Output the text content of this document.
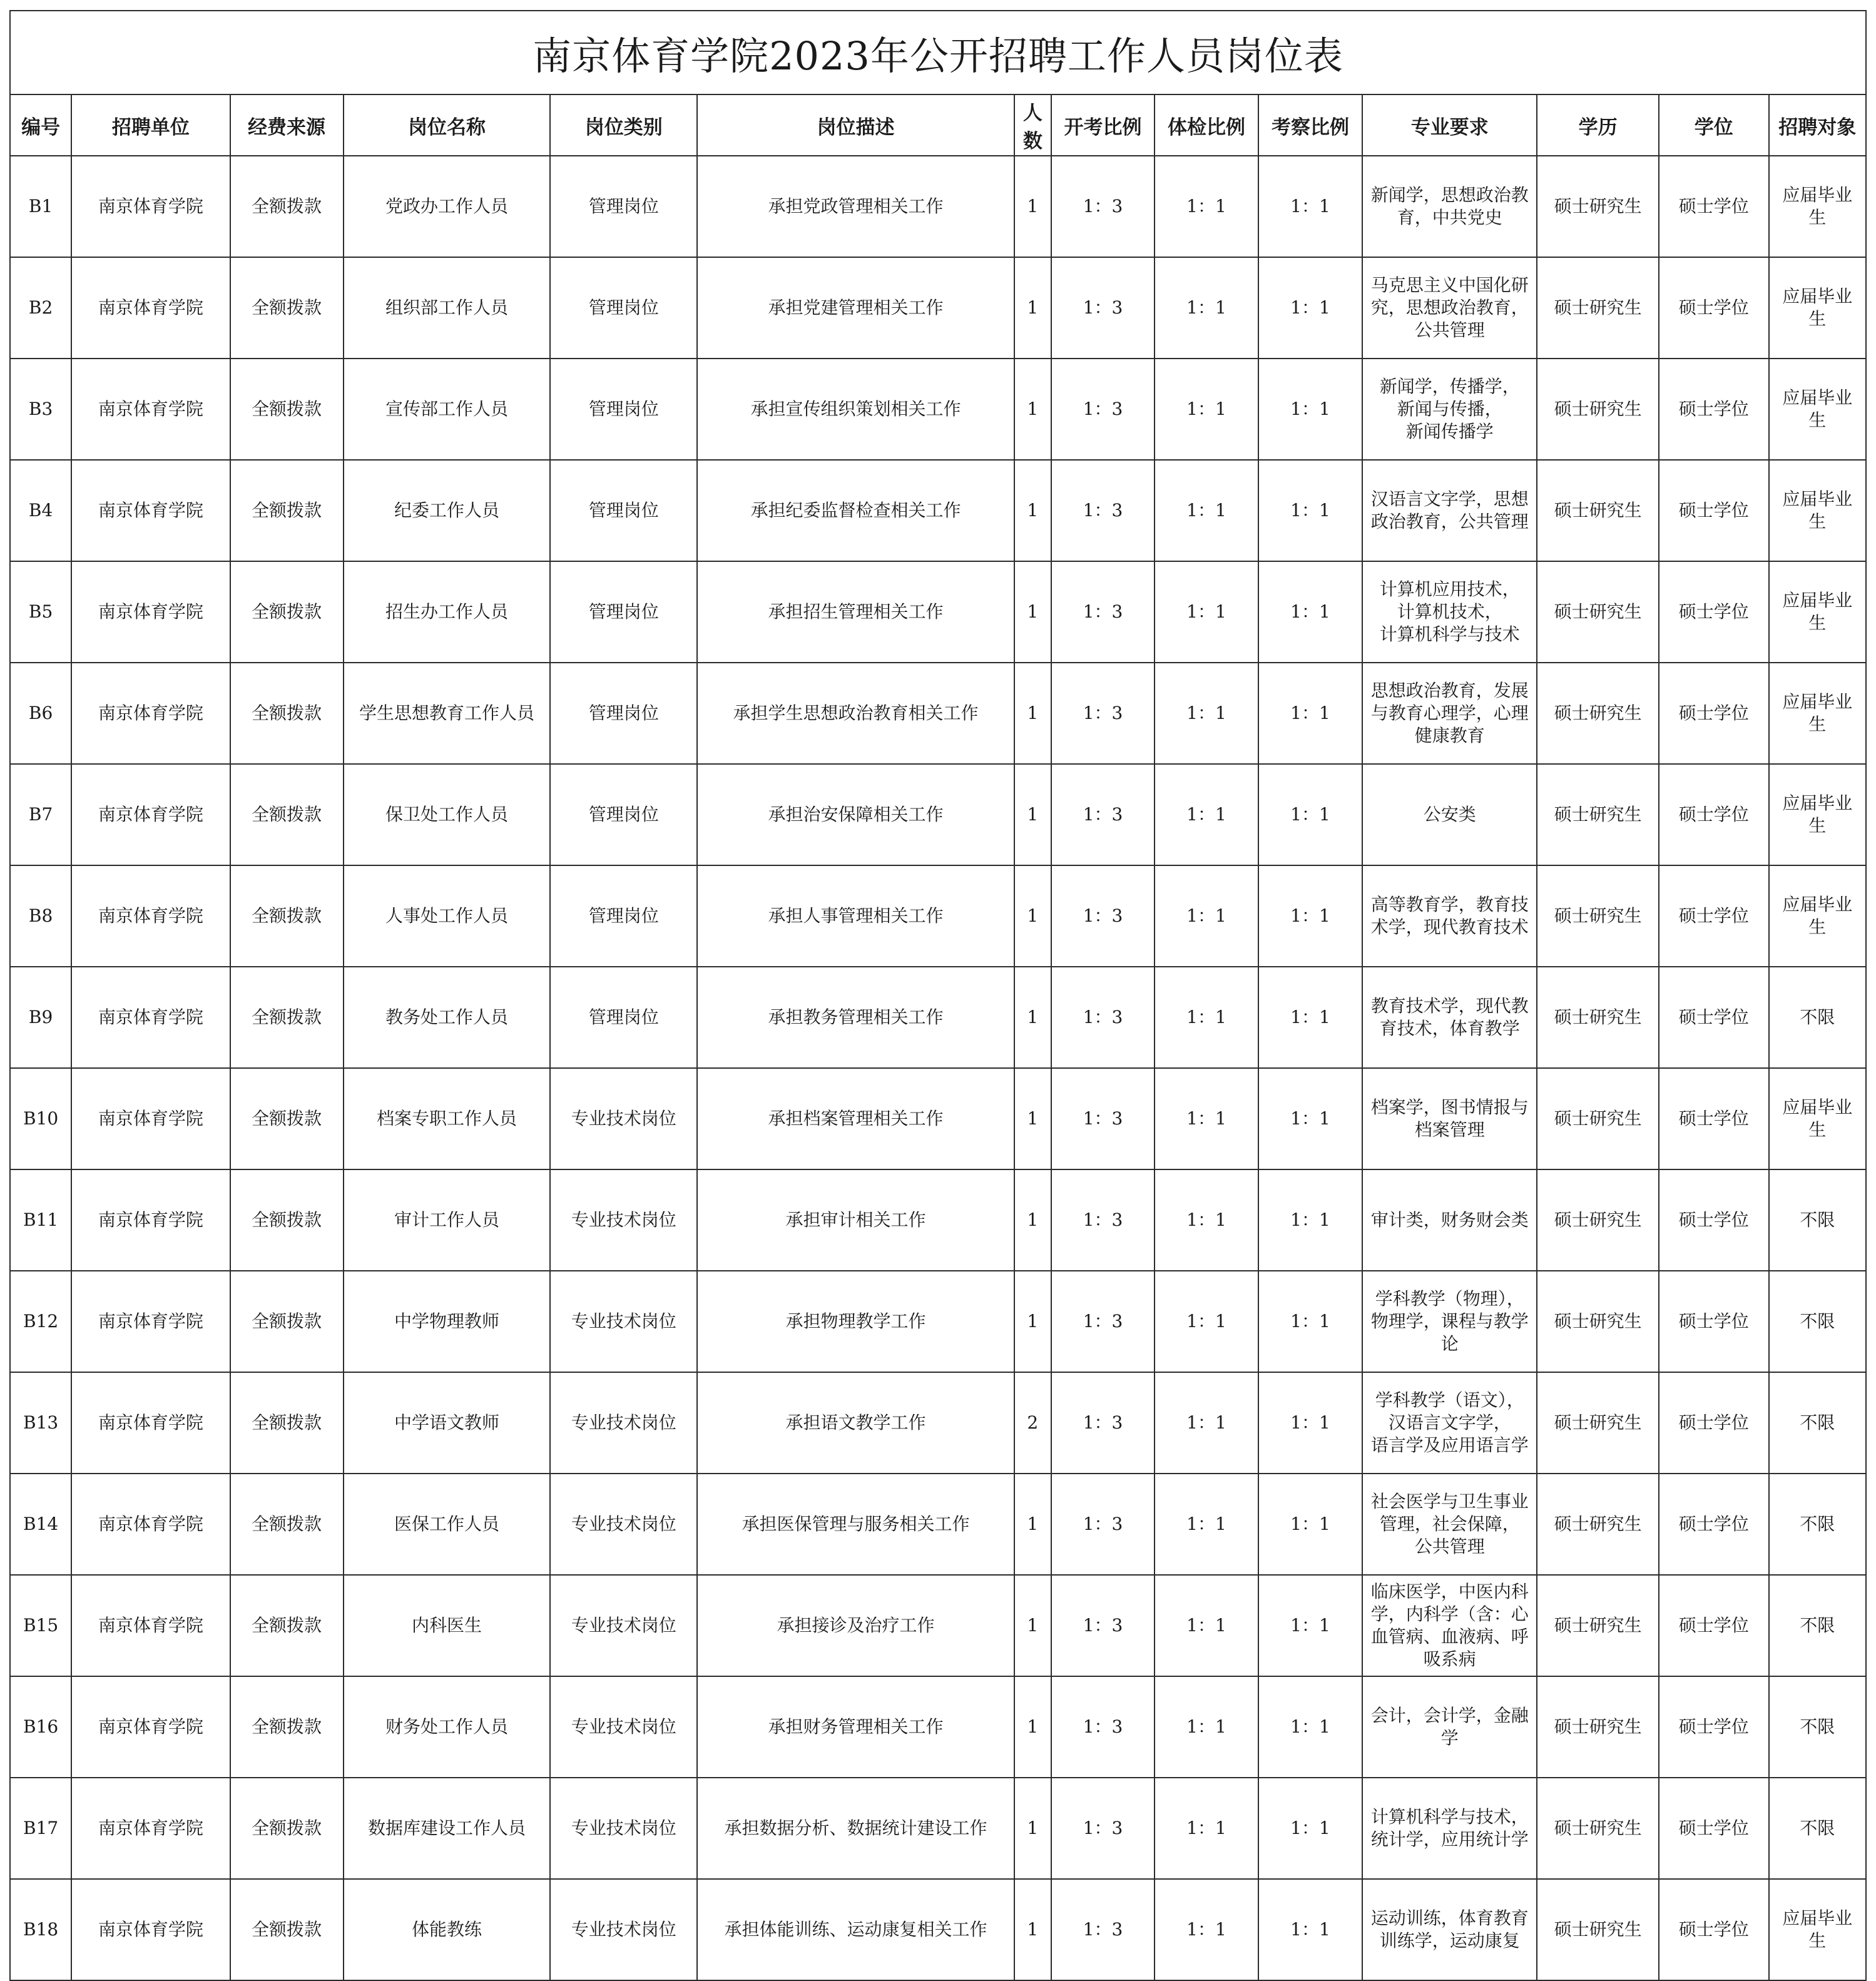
南京体育学院2023年公开招聘工作人员岗位表													
编号	招聘单位	经费来源	岗位名称	岗位类别	岗位描述	人数	开考比例	体检比例	考察比例	专业要求	学历	学位	招聘对象
B1	南京体育学院	全额拨款	党政办工作人员	管理岗位	承担党政管理相关工作	1	1：3	1：1	1：1	新闻学，思想政治教育，中共党史	硕士研究生	硕士学位	应届毕业生
B2	南京体育学院	全额拨款	组织部工作人员	管理岗位	承担党建管理相关工作	1	1：3	1：1	1：1	马克思主义中国化研究，思想政治教育，
公共管理	硕士研究生	硕士学位	应届毕业生
B3	南京体育学院	全额拨款	宣传部工作人员	管理岗位	承担宣传组织策划相关工作	1	1：3	1：1	1：1	新闻学，传播学，
新闻与传播，
新闻传播学	硕士研究生	硕士学位	应届毕业生
B4	南京体育学院	全额拨款	纪委工作人员	管理岗位	承担纪委监督检查相关工作	1	1：3	1：1	1：1	汉语言文字学，思想政治教育，公共管理	硕士研究生	硕士学位	应届毕业生
B5	南京体育学院	全额拨款	招生办工作人员	管理岗位	承担招生管理相关工作	1	1：3	1：1	1：1	计算机应用技术，
计算机技术，
计算机科学与技术	硕士研究生	硕士学位	应届毕业生
B6	南京体育学院	全额拨款	学生思想教育工作人员	管理岗位	承担学生思想政治教育相关工作	1	1：3	1：1	1：1	思想政治教育，发展与教育心理学，心理健康教育	硕士研究生	硕士学位	应届毕业生
B7	南京体育学院	全额拨款	保卫处工作人员	管理岗位	承担治安保障相关工作	1	1：3	1：1	1：1	公安类	硕士研究生	硕士学位	应届毕业生
B8	南京体育学院	全额拨款	人事处工作人员	管理岗位	承担人事管理相关工作	1	1：3	1：1	1：1	高等教育学，教育技术学，现代教育技术	硕士研究生	硕士学位	应届毕业生
B9	南京体育学院	全额拨款	教务处工作人员	管理岗位	承担教务管理相关工作	1	1：3	1：1	1：1	教育技术学，现代教育技术，体育教学	硕士研究生	硕士学位	不限
B10	南京体育学院	全额拨款	档案专职工作人员	专业技术岗位	承担档案管理相关工作	1	1：3	1：1	1：1	档案学，图书情报与档案管理	硕士研究生	硕士学位	应届毕业生
B11	南京体育学院	全额拨款	审计工作人员	专业技术岗位	承担审计相关工作	1	1：3	1：1	1：1	审计类，财务财会类	硕士研究生	硕士学位	不限
B12	南京体育学院	全额拨款	中学物理教师	专业技术岗位	承担物理教学工作	1	1：3	1：1	1：1	学科教学（物理），物理学，课程与教学论	硕士研究生	硕士学位	不限
B13	南京体育学院	全额拨款	中学语文教师	专业技术岗位	承担语文教学工作	2	1：3	1：1	1：1	学科教学（语文），汉语言文字学，
语言学及应用语言学	硕士研究生	硕士学位	不限
B14	南京体育学院	全额拨款	医保工作人员	专业技术岗位	承担医保管理与服务相关工作	1	1：3	1：1	1：1	社会医学与卫生事业管理，社会保障，
公共管理	硕士研究生	硕士学位	不限
B15	南京体育学院	全额拨款	内科医生	专业技术岗位	承担接诊及治疗工作	1	1：3	1：1	1：1	临床医学，中医内科学，内科学（含：心血管病、血液病、呼吸系病	硕士研究生	硕士学位	不限
B16	南京体育学院	全额拨款	财务处工作人员	专业技术岗位	承担财务管理相关工作	1	1：3	1：1	1：1	会计，会计学，金融学	硕士研究生	硕士学位	不限
B17	南京体育学院	全额拨款	数据库建设工作人员	专业技术岗位	承担数据分析、数据统计建设工作	1	1：3	1：1	1：1	计算机科学与技术，统计学，应用统计学	硕士研究生	硕士学位	不限
B18	南京体育学院	全额拨款	体能教练	专业技术岗位	承担体能训练、运动康复相关工作	1	1：3	1：1	1：1	运动训练，体育教育训练学，运动康复	硕士研究生	硕士学位	应届毕业生
